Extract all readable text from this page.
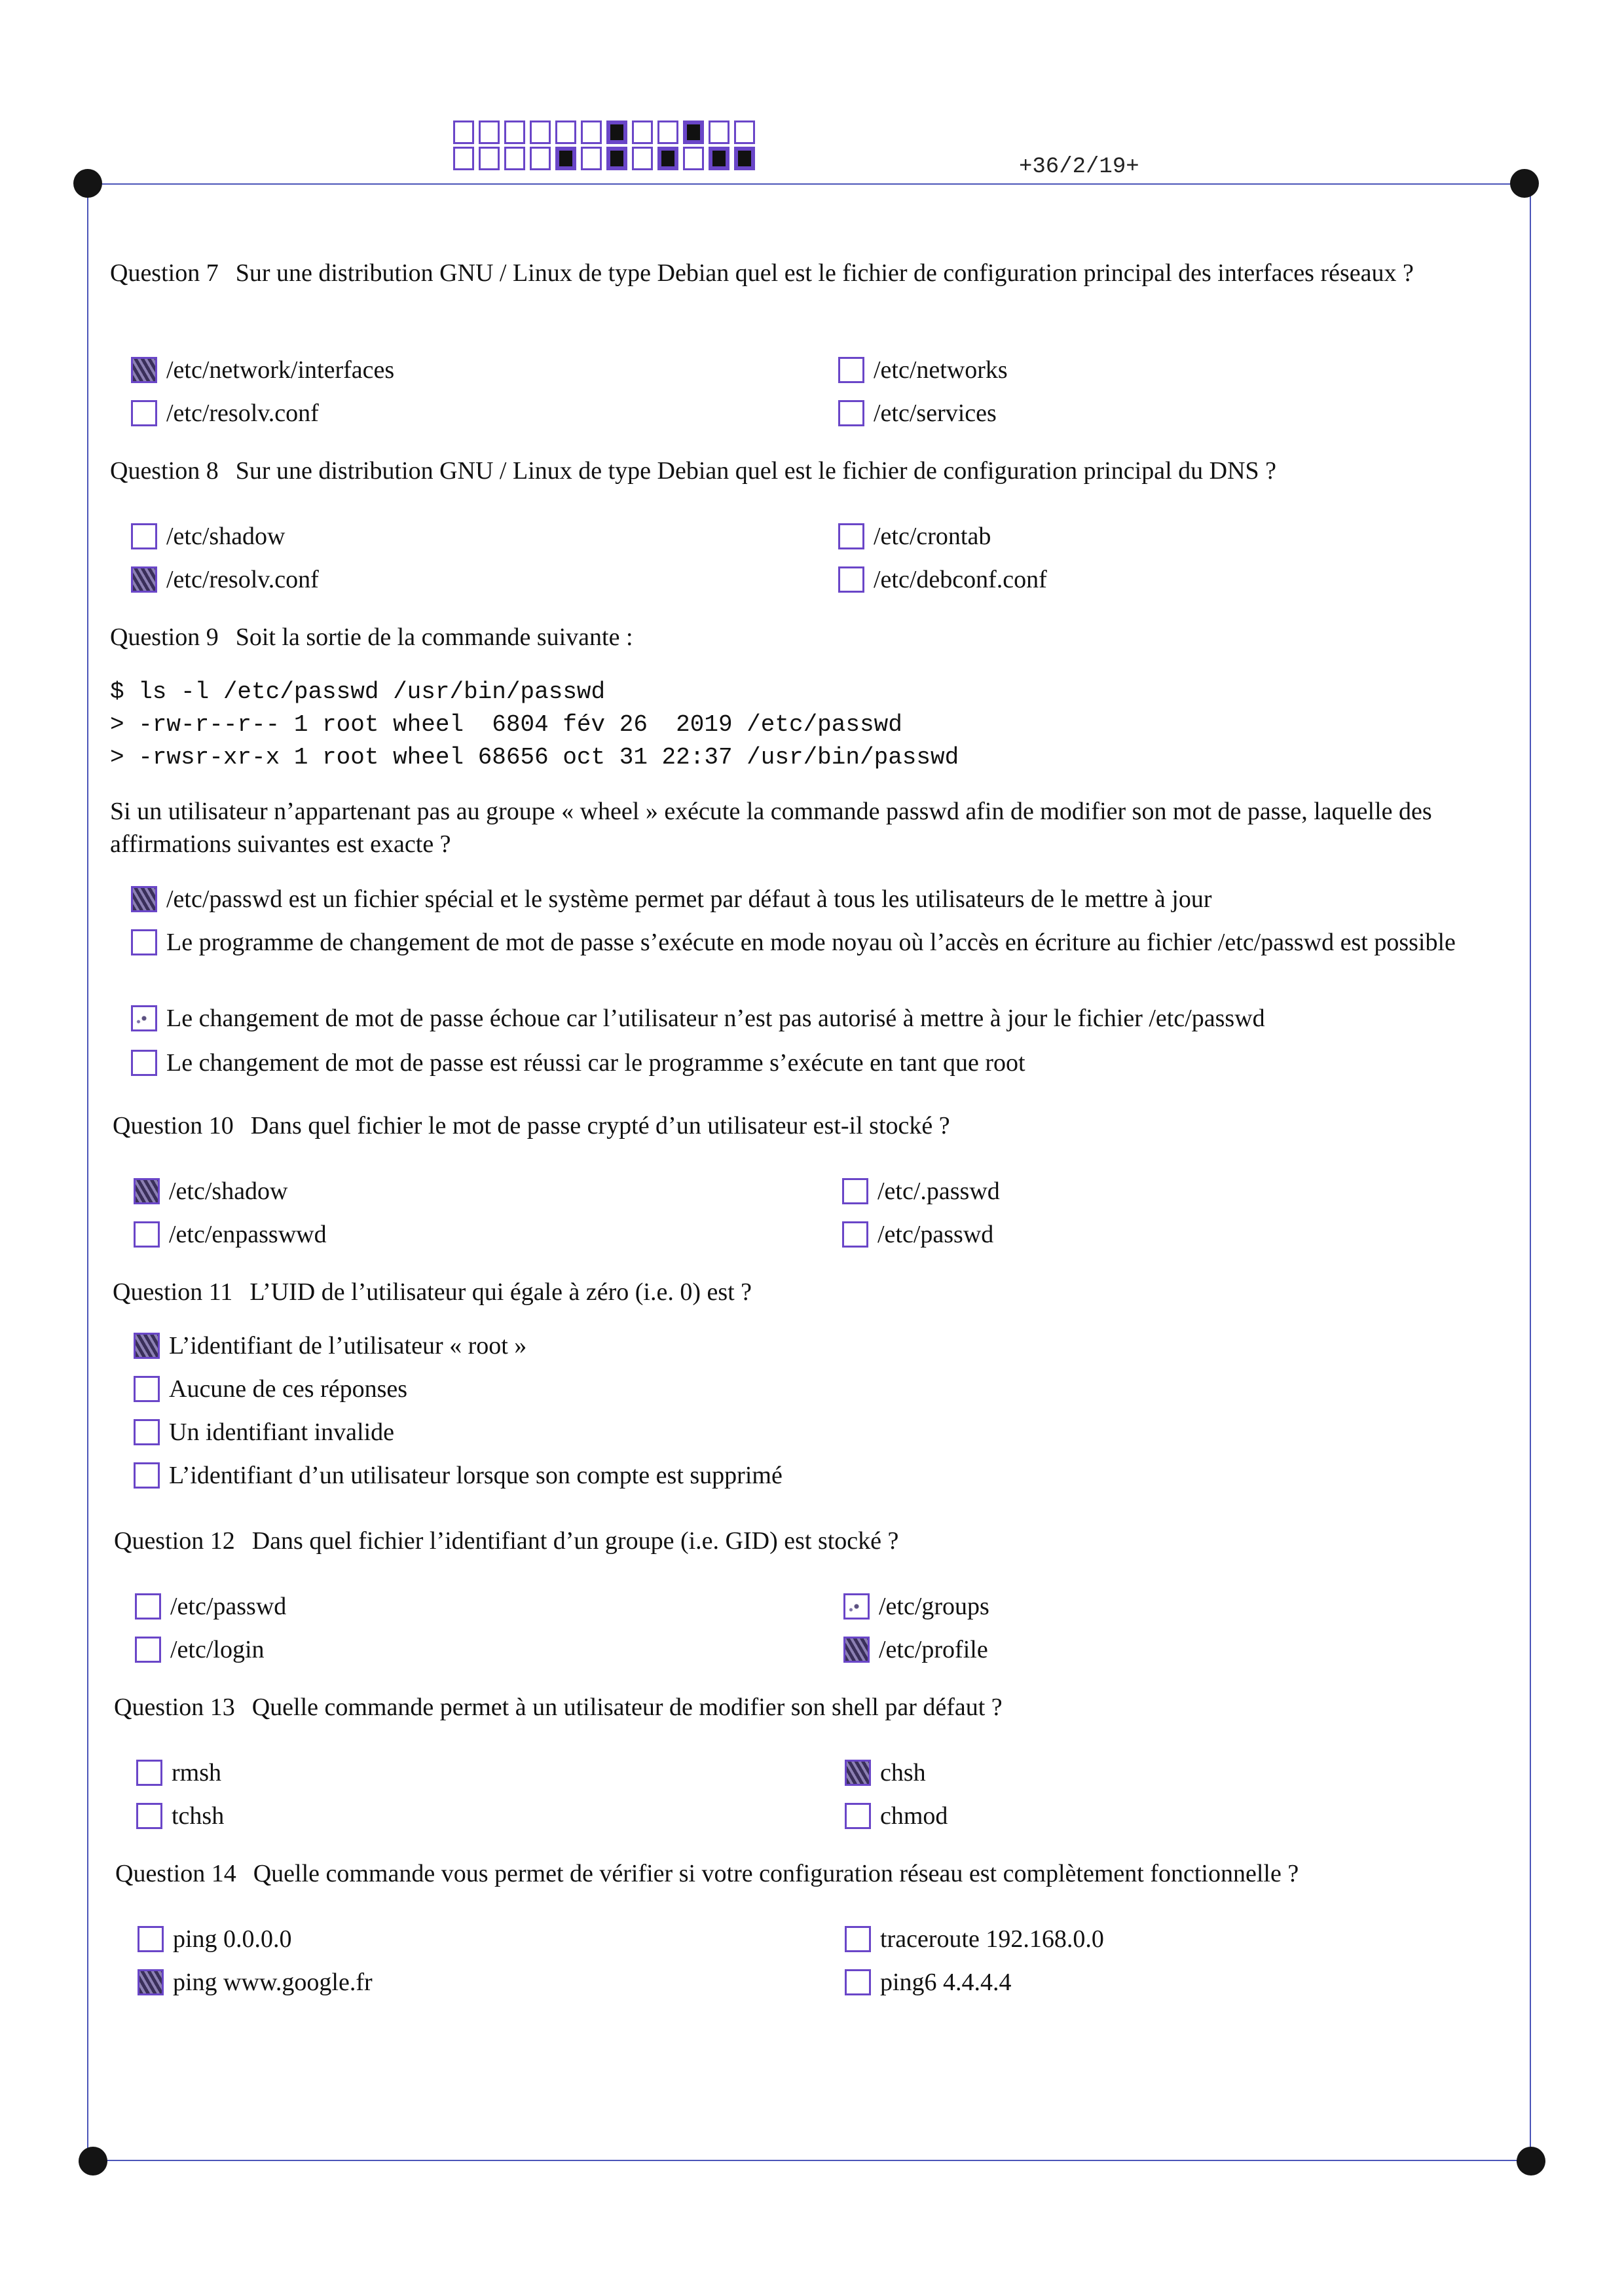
+36/2/19+
Question 7 Sur une distribution GNU / Linux de type Debian quel est le fichier de configuration principal des interfaces réseaux ?
/etc/network/interfaces	/etc/networks
/etc/resolv.conf	/etc/services
Question 8 Sur une distribution GNU / Linux de type Debian quel est le fichier de configuration principal du DNS ?
/etc/shadow	/etc/crontab
/etc/resolv.conf	/etc/debconf.conf
Question 9 Soit la sortie de la commande suivante :
$ ls -l /etc/passwd /usr/bin/passwd
> -rw-r--r-- 1 root wheel  6804 fév 26  2019 /etc/passwd
> -rwsr-xr-x 1 root wheel 68656 oct 31 22:37 /usr/bin/passwd
Si un utilisateur n’appartenant pas au groupe « wheel » exécute la commande passwd afin de modifier son mot de passe, laquelle des affirmations suivantes est exacte ?
/etc/passwd est un fichier spécial et le système permet par défaut à tous les utilisateurs de le mettre à jour
Le programme de changement de mot de passe s’exécute en mode noyau où l’accès en écriture au fichier /etc/passwd est possible
Le changement de mot de passe échoue car l’utilisateur n’est pas autorisé à mettre à jour le fichier /etc/passwd
Le changement de mot de passe est réussi car le programme s’exécute en tant que root
Question 10 Dans quel fichier le mot de passe crypté d’un utilisateur est-il stocké ?
/etc/shadow	/etc/.passwd
/etc/enpasswwd	/etc/passwd
Question 11 L’UID de l’utilisateur qui égale à zéro (i.e. 0) est ?
L’identifiant de l’utilisateur « root »
Aucune de ces réponses
Un identifiant invalide
L’identifiant d’un utilisateur lorsque son compte est supprimé
Question 12 Dans quel fichier l’identifiant d’un groupe (i.e. GID) est stocké ?
/etc/passwd	/etc/groups
/etc/login	/etc/profile
Question 13 Quelle commande permet à un utilisateur de modifier son shell par défaut ?
rmsh	chsh
tchsh	chmod
Question 14 Quelle commande vous permet de vérifier si votre configuration réseau est complètement fonctionnelle ?
ping 0.0.0.0	traceroute 192.168.0.0
ping www.google.fr	ping6 4.4.4.4
